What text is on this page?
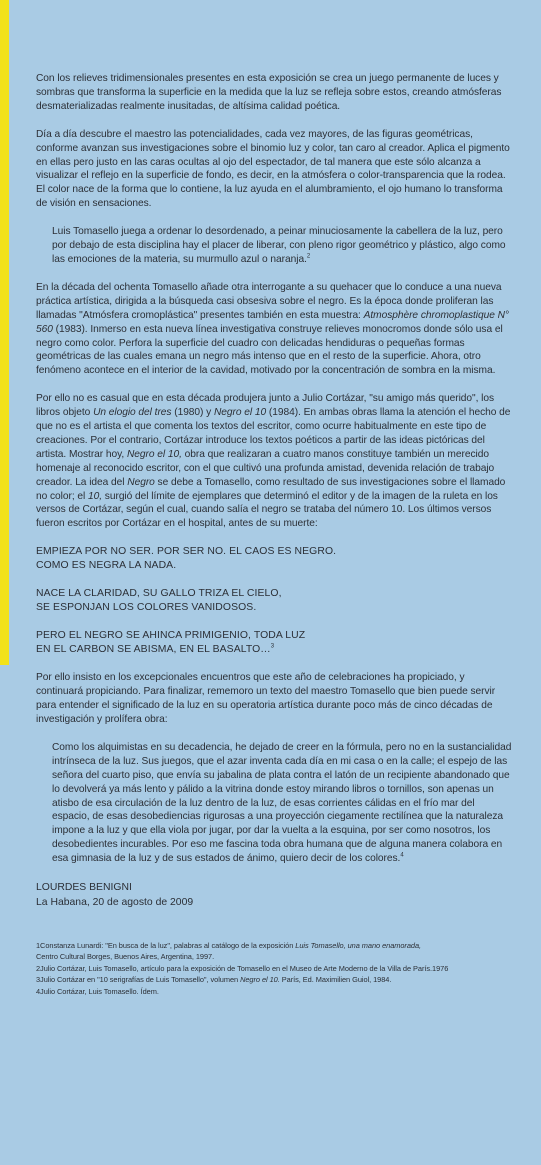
Con los relieves tridimensionales presentes en esta exposición se crea un juego permanente de luces y sombras que transforma la superficie en la medida que la luz se refleja sobre estos, creando atmósferas desmaterializadas realmente inusitadas, de altísima calidad poética.

Día a día descubre el maestro las potencialidades, cada vez mayores, de las figuras geométricas, conforme avanzan sus investigaciones sobre el binomio luz y color, tan caro al creador. Aplica el pigmento en ellas pero justo en las caras ocultas al ojo del espectador, de tal manera que este sólo alcanza a visualizar el reflejo en la superficie de fondo, es decir, en la atmósfera o color-transparencia que la rodea. El color nace de la forma que lo contiene, la luz ayuda en el alumbramiento, el ojo humano lo transforma de visión en sensaciones.

Luis Tomasello juega a ordenar lo desordenado, a peinar minuciosamente la cabellera de la luz, pero por debajo de esta disciplina hay el placer de liberar, con pleno rigor geométrico y plástico, algo como las emociones de la materia, su murmullo azul o naranja.$^2$

En la década del ochenta Tomasello añade otra interrogante a su quehacer que lo conduce a una nueva práctica artística, dirigida a la búsqueda casi obsesiva sobre el negro. Es la época donde proliferan las llamadas "Atmósfera cromoplástica" presentes también en esta muestra: Atmosphère chromoplastique N° 560 (1983). Inmerso en esta nueva línea investigativa construye relieves monocromos donde sólo usa el negro como color. Perfora la superficie del cuadro con delicadas hendiduras o pequeñas formas geométricas de las cuales emana un negro más intenso que en el resto de la superficie. Ahora, otro fenómeno acontece en el interior de la cavidad, motivado por la concentración de sombra en la misma.

Por ello no es casual que en esta década produjera junto a Julio Cortázar, "su amigo más querido", los libros objeto Un elogio del tres (1980) y Negro el 10 (1984). En ambas obras llama la atención el hecho de que no es el artista el que comenta los textos del escritor, como ocurre habitualmente en este tipo de creaciones. Por el contrario, Cortázar introduce los textos poéticos a partir de las ideas pictóricas del artista. Mostrar hoy, Negro el 10, obra que realizaran a cuatro manos constituye también un merecido homenaje al reconocido escritor, con el que cultivó una profunda amistad, devenida relación de trabajo creador. La idea del Negro se debe a Tomasello, como resultado de sus investigaciones sobre el llamado no color; el 10, surgió del límite de ejemplares que determinó el editor y de la imagen de la ruleta en los versos de Cortázar, según el cual, cuando salía el negro se trataba del número 10. Los últimos versos fueron escritos por Cortázar en el hospital, antes de su muerte:

EMPIEZA POR NO SER. POR SER NO. EL CAOS ES NEGRO.
COMO ES NEGRA LA NADA.

NACE LA CLARIDAD, SU GALLO TRIZA EL CIELO,
SE ESPONJAN LOS COLORES VANIDOSOS.

PERO EL NEGRO SE AHINCA PRIMIGENIO, TODA LUZ
EN EL CARBON SE ABISMA, EN EL BASALTO…$^3$

Por ello insisto en los excepcionales encuentros que este año de celebraciones ha propiciado, y continuará propiciando. Para finalizar, rememoro un texto del maestro Tomasello que bien puede servir para entender el significado de la luz en su operatoria artística durante poco más de cinco décadas de investigación y prolífera obra:

Como los alquimistas en su decadencia, he dejado de creer en la fórmula, pero no en la sustancialidad intrínseca de la luz. Sus juegos, que el azar inventa cada día en mi casa o en la calle; el espejo de las señora del cuarto piso, que envía su jabalina de plata contra el latón de un recipiente abandonado que lo devolverá ya más lento y pálido a la vitrina donde estoy mirando libros o tornillos, son apenas un atisbo de esa circulación de la luz dentro de la luz, de esas corrientes cálidas en el frío mar del espacio, de esas desobediencias rigurosas a una proyección ciegamente rectilínea que la naturaleza impone a la luz y que ella viola por jugar, por dar la vuelta a la esquina, por ser como nosotros, los desobedientes incurables. Por eso me fascina toda obra humana que de alguna manera colabora en esa gimnasia de la luz y de sus estados de ánimo, quiero decir de los colores.$^4$

LOURDES BENIGNI
La Habana, 20 de agosto de 2009

1Constanza Lunardi: "En busca de la luz", palabras al catálogo de la exposición Luis Tomasello, una mano enamorada,
Centro Cultural Borges, Buenos Aires, Argentina, 1997.

2Julio Cortázar, Luis Tomasello, artículo para la exposición de Tomasello en el Museo de Arte Moderno de la Villa de París.1976

3Julio Cortázar en "10 serigrafías de Luis Tomasello", volumen Negro el 10. París, Ed. Maximilien Guiol, 1984.

4Julio Cortázar, Luis Tomasello. Ídem.
